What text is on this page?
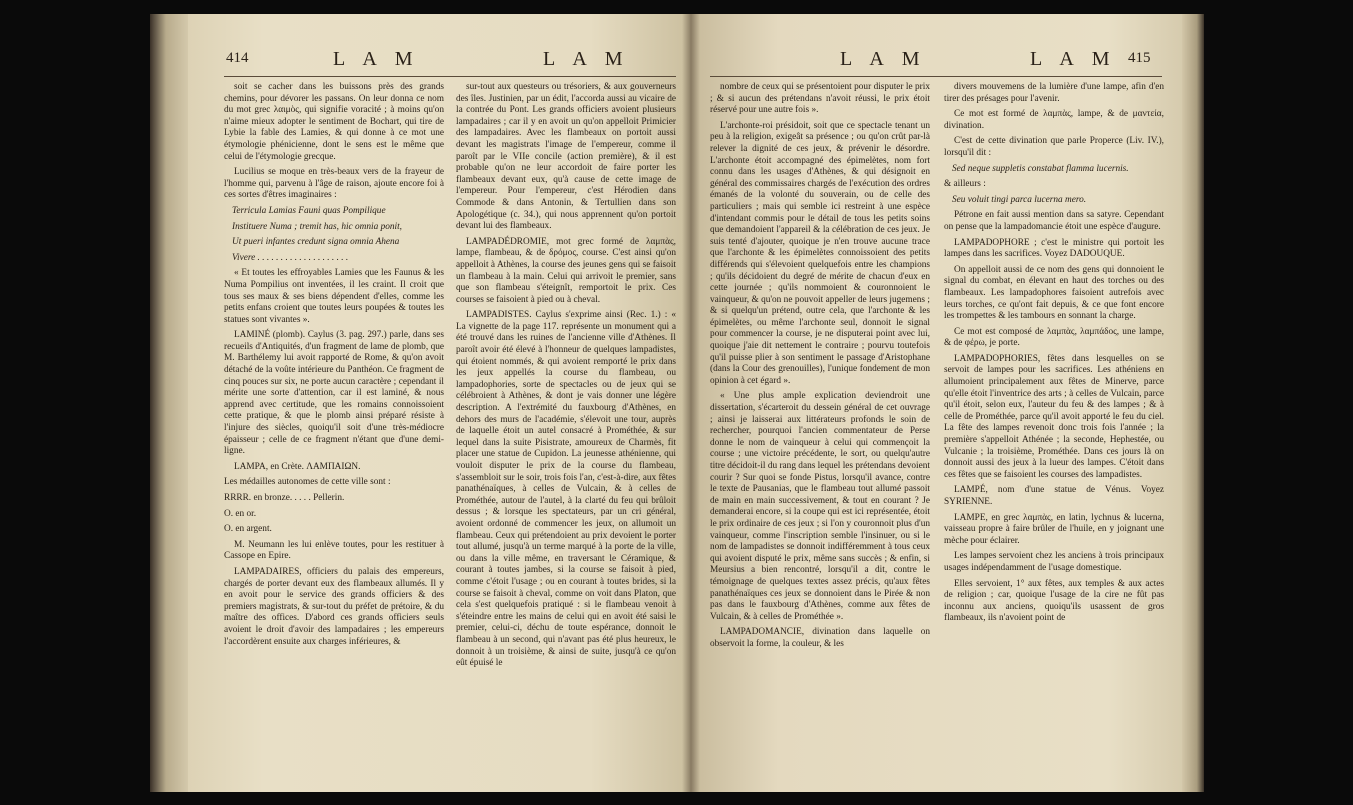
414	L A M	L A M

soit se cacher dans les buissons près des grands chemins, pour dévorer les passans. On leur donna ce nom du mot grec λαιμὸς, qui signifie voracité ; à moins qu'on n'aime mieux adopter le sentiment de Bochart, qui tire de Lybie la fable des Lamies, & qui donne à ce mot une étymologie phénicienne, dont le sens est le même que celui de l'étymologie grecque.

Lucilius se moque en très-beaux vers de la frayeur de l'homme qui, parvenu à l'âge de raison, ajoute encore foi à ces sortes d'êtres imaginaires :

Terricula Lamias Fauni quas Pompilique

Instituere Numa ; tremit has, hic omnia ponit,

Ut pueri infantes credunt signa omnia Ahena

Vivere . . . . . . . . . . . . . . . . . . . .

« Et toutes les effroyables Lamies que les Faunus & les Numa Pompilius ont inventées, il les craint. Il croit que tous ses maux & ses biens dépendent d'elles, comme les petits enfans croient que toutes leurs poupées & toutes les statues sont vivantes ».

LAMINÉ (plomb). Caylus (3. pag. 297.) parle, dans ses recueils d'Antiquités, d'un fragment de lame de plomb, que M. Barthélemy lui avoit rapporté de Rome, & qu'on avoit détaché de la voûte intérieure du Panthéon. Ce fragment de cinq pouces sur six, ne porte aucun caractère ; cependant il mérite une sorte d'attention, car il est laminé, & nous apprend avec certitude, que les romains connoissoient cette pratique, & que le plomb ainsi préparé résiste à l'injure des siècles, quoiqu'il soit d'une très-médiocre épaisseur ; celle de ce fragment n'étant que d'une demi-ligne.

LAMPA, en Crète. ΛΑΜΠΑΙΩΝ.

Les médailles autonomes de cette ville sont :

RRRR. en bronze. . . . . Pellerin.

O. en or.

O. en argent.

M. Neumann les lui enlève toutes, pour les restituer à Cassope en Epire.

LAMPADAIRES, officiers du palais des empereurs, chargés de porter devant eux des flambeaux allumés. Il y en avoit pour le service des grands officiers & des premiers magistrats, & sur-tout du préfet de prétoire, & du maître des offices. D'abord ces grands officiers seuls avoient le droit d'avoir des lampadaires ; les empereurs l'accordèrent ensuite aux charges inférieures, &

sur-tout aux questeurs ou trésoriers, & aux gouverneurs des îles. Justinien, par un édit, l'accorda aussi au vicaire de la contrée du Pont. Les grands officiers avoient plusieurs lampadaires ; car il y en avoit un qu'on appelloit Primicier des lampadaires. Avec les flambeaux on portoit aussi devant les magistrats l'image de l'empereur, comme il paroît par le VIIe concile (action première), & il est probable qu'on ne leur accordoit de faire porter les flambeaux devant eux, qu'à cause de cette image de l'empereur. Pour l'empereur, c'est Hérodien dans Commode & dans Antonin, & Tertullien dans son Apologétique (c. 34.), qui nous apprennent qu'on portoit devant lui des flambeaux.

LAMPADÉDROMIE, mot grec formé de λαμπὰς, lampe, flambeau, & de δρόμος, course. C'est ainsi qu'on appelloit à Athènes, la course des jeunes gens qui se faisoit un flambeau à la main. Celui qui arrivoit le premier, sans que son flambeau s'éteignît, remportoit le prix. Ces courses se faisoient à pied ou à cheval.

LAMPADISTES. Caylus s'exprime ainsi (Rec. 1.) : « La vignette de la page 117. représente un monument qui a été trouvé dans les ruines de l'ancienne ville d'Athènes. Il paroît avoir été élevé à l'honneur de quelques lampadistes, qui étoient nommés, & qui avoient remporté le prix dans les jeux appellés la course du flambeau, ou lampadophories, sorte de spectacles ou de jeux qui se célébroient à Athènes, & dont je vais donner une légère description. A l'extrémité du fauxbourg d'Athènes, en dehors des murs de l'académie, s'élevoit une tour, auprès de laquelle étoit un autel consacré à Prométhée, & sur lequel dans la suite Pisistrate, amoureux de Charmès, fit placer une statue de Cupidon. La jeunesse athénienne, qui vouloit disputer le prix de la course du flambeau, s'assembloit sur le soir, trois fois l'an, c'est-à-dire, aux fêtes panathénaïques, à celles de Vulcain, & à celles de Prométhée, autour de l'autel, à la clarté du feu qui brûloit dessus ; & lorsque les spectateurs, par un cri général, avoient ordonné de commencer les jeux, on allumoit un flambeau. Ceux qui prétendoient au prix devoient le porter tout allumé, jusqu'à un terme marqué à la porte de la ville, ou dans la ville même, en traversant le Céramique, & courant à toutes jambes, si la course se faisoit à pied, comme c'étoit l'usage ; ou en courant à toutes brides, si la course se faisoit à cheval, comme on voit dans Platon, que cela s'est quelquefois pratiqué : si le flambeau venoit à s'éteindre entre les mains de celui qui en avoit été saisi le premier, celui-ci, déchu de toute espérance, donnoit le flambeau à un second, qui n'avant pas été plus heureux, le donnoit à un troisième, & ainsi de suite, jusqu'à ce qu'on eût épuisé le

L A M	L A M 415

nombre de ceux qui se présentoient pour disputer le prix ; & si aucun des prétendans n'avoit réussi, le prix étoit réservé pour une autre fois ».

L'archonte-roi présidoit, soit que ce spectacle tenant un peu à la religion, exigeât sa présence ; ou qu'on crût par-là relever la dignité de ces jeux, & prévenir le désordre. L'archonte étoit accompagné des épimelètes, nom fort connu dans les usages d'Athènes, & qui désignoit en général des commissaires chargés de l'exécution des ordres émanés de la volonté du souverain, ou de celle des particuliers ; mais qui semble ici restreint à une espèce d'intendant commis pour le détail de tous les petits soins que demandoient l'appareil & la célébration de ces jeux. Je suis tenté d'ajouter, quoique je n'en trouve aucune trace que l'archonte & les épimelètes connoissoient des petits différends qui s'élevoient quelquefois entre les champions ; qu'ils décidoient du degré de mérite de chacun d'eux en cette journée ; qu'ils nommoient & couronnoient le vainqueur, & qu'on ne pouvoit appeller de leurs jugemens ; & si quelqu'un prétend, outre cela, que l'archonte & les épimelètes, ou même l'archonte seul, donnoit le signal pour commencer la course, je ne disputerai point avec lui, quoique j'aie dit nettement le contraire ; pourvu toutefois qu'il puisse plier à son sentiment le passage d'Aristophane (dans la Cour des grenouilles), l'unique fondement de mon opinion à cet égard ».

« Une plus ample explication deviendroit une dissertation, s'écarteroit du dessein général de cet ouvrage ; ainsi je laisserai aux littérateurs profonds le soin de rechercher, pourquoi l'ancien commentateur de Perse donne le nom de vainqueur à celui qui commençoit la course ; une victoire précédente, le sort, ou quelqu'autre titre décidoit-il du rang dans lequel les prétendans devoient courir ? Sur quoi se fonde Pistus, lorsqu'il avance, contre le texte de Pausanias, que le flambeau tout allumé passoit de main en main successivement, & tout en courant ? Je demanderai encore, si la coupe qui est ici représentée, étoit le prix ordinaire de ces jeux ; si l'on y couronnoit plus d'un vainqueur, comme l'inscription semble l'insinuer, ou si le nom de lampadistes se donnoit indifféremment à tous ceux qui avoient disputé le prix, même sans succès ; & enfin, si Meursius a bien rencontré, lorsqu'il a dit, contre le témoignage de quelques textes assez précis, qu'aux fêtes panathénaïques ces jeux se donnoient dans le Pirée & non pas dans le fauxbourg d'Athènes, comme aux fêtes de Vulcain, & à celles de Prométhée ».

LAMPADOMANCIE, divination dans laquelle on observoit la forme, la couleur, & les

divers mouvemens de la lumière d'une lampe, afin d'en tirer des présages pour l'avenir.

Ce mot est formé de λαμπὰς, lampe, & de μαντεία, divination.

C'est de cette divination que parle Properce (Liv. IV.), lorsqu'il dit :

Sed neque suppletis constabat flamma lucernis.

& ailleurs :

Seu voluit tingi parca lucerna mero.

Pétrone en fait aussi mention dans sa satyre. Cependant on pense que la lampadomancie étoit une espèce d'augure.

LAMPADOPHORE ; c'est le ministre qui portoit les lampes dans les sacrifices. Voyez DADOUQUE.

On appelloit aussi de ce nom des gens qui donnoient le signal du combat, en élevant en haut des torches ou des flambeaux. Les lampadophores faisoient autrefois avec leurs torches, ce qu'ont fait depuis, & ce que font encore les trompettes & les tambours en sonnant la charge.

Ce mot est composé de λαμπὰς, λαμπάδος, une lampe, & de φέρω, je porte.

LAMPADOPHORIES, fêtes dans lesquelles on se servoit de lampes pour les sacrifices. Les athéniens en allumoient principalement aux fêtes de Minerve, parce qu'elle étoit l'inventrice des arts ; à celles de Vulcain, parce qu'il étoit, selon eux, l'auteur du feu & des lampes ; & à celle de Prométhée, parce qu'il avoit apporté le feu du ciel. La fête des lampes revenoit donc trois fois l'année ; la première s'appelloit Athénée ; la seconde, Hephestée, ou Vulcanie ; la troisième, Prométhée. Dans ces jours là on donnoit aussi des jeux à la lueur des lampes. C'étoit dans ces fêtes que se faisoient les courses des lampadistes.

LAMPÉ, nom d'une statue de Vénus. Voyez SYRIENNE.

LAMPE, en grec λαμπὰς, en latin, lychnus & lucerna, vaisseau propre à faire brûler de l'huile, en y joignant une mèche pour éclairer.

Les lampes servoient chez les anciens à trois principaux usages indépendamment de l'usage domestique.

Elles servoient, 1° aux fêtes, aux temples & aux actes de religion ; car, quoique l'usage de la cire ne fût pas inconnu aux anciens, quoiqu'ils usassent de gros flambeaux, ils n'avoient point de
